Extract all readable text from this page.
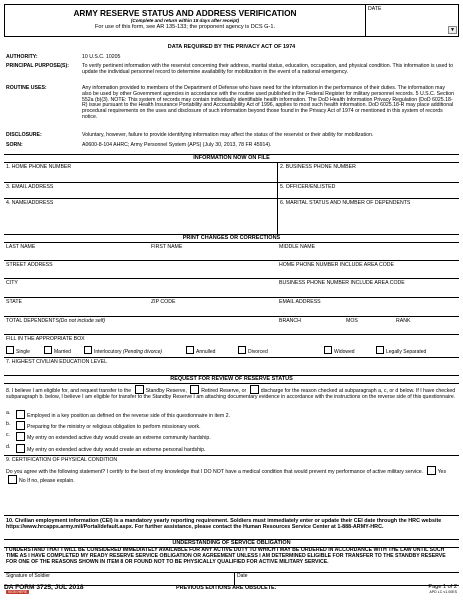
ARMY RESERVE STATUS AND ADDRESS VERIFICATION
(Complete and return within 15 days after receipt)
For use of this form, see AR 135-133; the proponent agency is DCS G-1.
DATE
▼
DATA REQUIRED BY THE PRIVACY ACT OF 1974
AUTHORITY:	10 U.S.C. 10205
PRINCIPAL PURPOSE(S):	To verify pertinent information with the reservist concerning their address, marital status, education, occupation, and physical condition. This information is used to update the individual personnel record to determine availability for mobilization in the event of a national emergency.
ROUTINE USES:	Any information provided to members of the Department of Defense who have need for the information in the performance of their duties. The information may also be used by other Government agencies in accordance with the routine used published in the Federal Register for military personnel records. 5 U.S.C. Section 552a (b)(3). NOTE: This system of records may contain individually identifiable health information. The DoD Health Information Privacy Regulation (DoD 6025.18-R) issue pursuant to the Health Insurance Portability and Accountability Act of 1996, applies to most such health information. DoD 6025.18-R may place additional procedural requirements on the uses and disclosure of such information beyond those found in the Privacy Act of 1974 or mentioned in this system of records notice.
DISCLOSURE:	Voluntary, however, failure to provide identifying information may affect the status of the reservist or their ability for mobilization.
SORN:	A0600-8-104 AHRC; Army Personnel System (APS) (July 30, 2013, 78 FR 45914).
INFORMATION NOW ON FILE
1. HOME PHONE NUMBER	2. BUSINESS PHONE NUMBER
3. EMAIL ADDRESS	5. OFFICER/ENLISTED
4. NAME/ADDRESS	6. MARITAL STATUS AND NUMBER OF DEPENDENTS
PRINT CHANGES OR CORRECTIONS
LAST NAME	FIRST NAME	MIDDLE NAME
STREET ADDRESS	HOME PHONE NUMBER INCLUDE AREA CODE
CITY	BUSINESS PHONE NUMBER INCLUDE AREA CODE
STATE	ZIP CODE	EMAIL ADDRESS
TOTAL DEPENDENTS(Do not include self)	BRANCH	MOS	RANK
FILL IN THE APPROPRIATE BOX
Single	Married	Interlocutory (Pending divorce)	Annulled	Divorced	Widowed	Legally Separated
7. HIGHEST CIVILIAN EDUCATION LEVEL
REQUEST FOR REVIEW OF RESERVE STATUS
8. I believe I am eligible for, and request transfer to the	Standby Reserve,	Retired Reserve, or	discharge for the reason checked at subparagraph a, c, or d below. If I have checked subparagraph b. below, I believe I am eligible for transfer to the Standby Reserve I am attaching documentary evidence in accordance with the instructions on the reverse side of this questionnaire.
a.	Employed in a key position as defined on the reverse side of this questionnaire in item 2.
b.	Preparing for the ministry or religious obligation to perform missionary work.
c.	My entry on extended active duty would create an extreme community hardship.
d.	My entry on extended active duty would create an extreme personal hardship.
9. CERTIFICATION OF PHYSICAL CONDITION
Do you agree with the following statement? I certify to the best of my knowledge that I DO NOT have a medical condition that would prevent my performance of active military service.	Yes No If no, please explain.
10. Civilian employment information (CEI) is a mandatory yearly reporting requirement. Soldiers must immediately enter or update their CEI date through the HRC website https://www.hrcapps.army.mil/Portal/default.aspx. For further assistance, please contact the Human Resources Service Center at 1-888-ARMY-HRC.
UNDERSTANDING OF SERVICE OBLIGATION
I UNDERSTAND THAT I WILL BE CONSIDERED IMMEDIATELY AVAILABLE FOR ANY ACTIVE DUTY TO WHICH I MAY BE ORDERED IN ACCORDANCE WITH THE LAW UNTIL SUCH TIME AS I HAVE COMPLETED MY READY RESERVE SERVICE OBLIGATION OR AGREEMENT UNLESS I AM DETERMINED ELIGIBLE FOR TRANSFER TO THE STANDBY RESERVE FOR ONE OF THE REASONS SHOWN IN ITEM 8 OR FOUND NOT TO BE PHYSICALLY QUALIFIED FOR ACTIVE MILITARY SERVICE.
Signature of Soldier
SIGN HERE
Date
DA FORM 3725, JUL 2018	PREVIOUS EDITIONS ARE OBSOLETE.	Page 1 of 2
APD LC v1.00ES
